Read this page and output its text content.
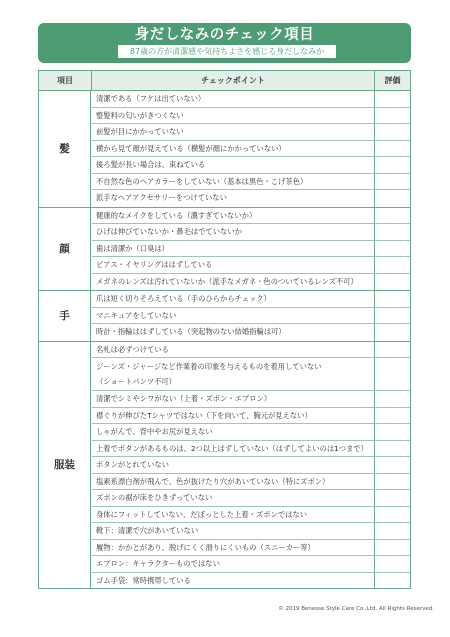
身だしなみのチェック項目
87歳の方が清潔感や気持ちよさを感じる身だしなみか
項目	チェックポイント	評価
髪
清潔である（フケは出ていない）
整髪料の匂いがきつくない
前髪が目にかかっていない
横から見て顔が見えている（横髪が顔にかかっていない）
後ろ髪が長い場合は、束ねている
不自然な色のヘアカラーをしていない（基本は黒色・こげ茶色）
派手なヘアアクセサリーをつけていない
顔
健康的なメイクをしている（濃すぎていないか）
ひげは伸びていないか・鼻毛はでていないか
歯は清潔か（口臭は）
ピアス・イヤリングははずしている
メガネのレンズは汚れていないか（派手なメガネ・色のついているレンズ不可）
手
爪は短く切りそろえている（手のひらからチェック）
マニキュアをしていない
時計・指輪ははずしている（突起物のない結婚指輪は可）
服装
名札は必ずつけている
ジーンズ・ジャージなど作業着の印象を与えるものを着用していない
（ショートパンツ不可）
清潔でシミやシワがない（上着・ズボン・エプロン）
襟ぐりが伸びたTシャツではない（下を向いて、胸元が見えない）
しゃがんで、背中やお尻が見えない
上着でボタンがあるものは、2つ以上はずしていない（はずしてよいのは1つまで）
ボタンがとれていない
塩素系漂白剤が飛んで、色が抜けたり穴があいていない（特にズボン）
ズボンの裾が床をひきずっていない
身体にフィットしていない、だぼっとした上着・ズボンではない
靴下：清潔で穴があいていない
履物：かかとがあり、脱げにくく滑りにくいもの（スニーカー等）
エプロン：キャラクターものではない
ゴム手袋：常時携帯している
© 2019 Benesse Style Care Co.,Ltd. All Rights Reserved.
